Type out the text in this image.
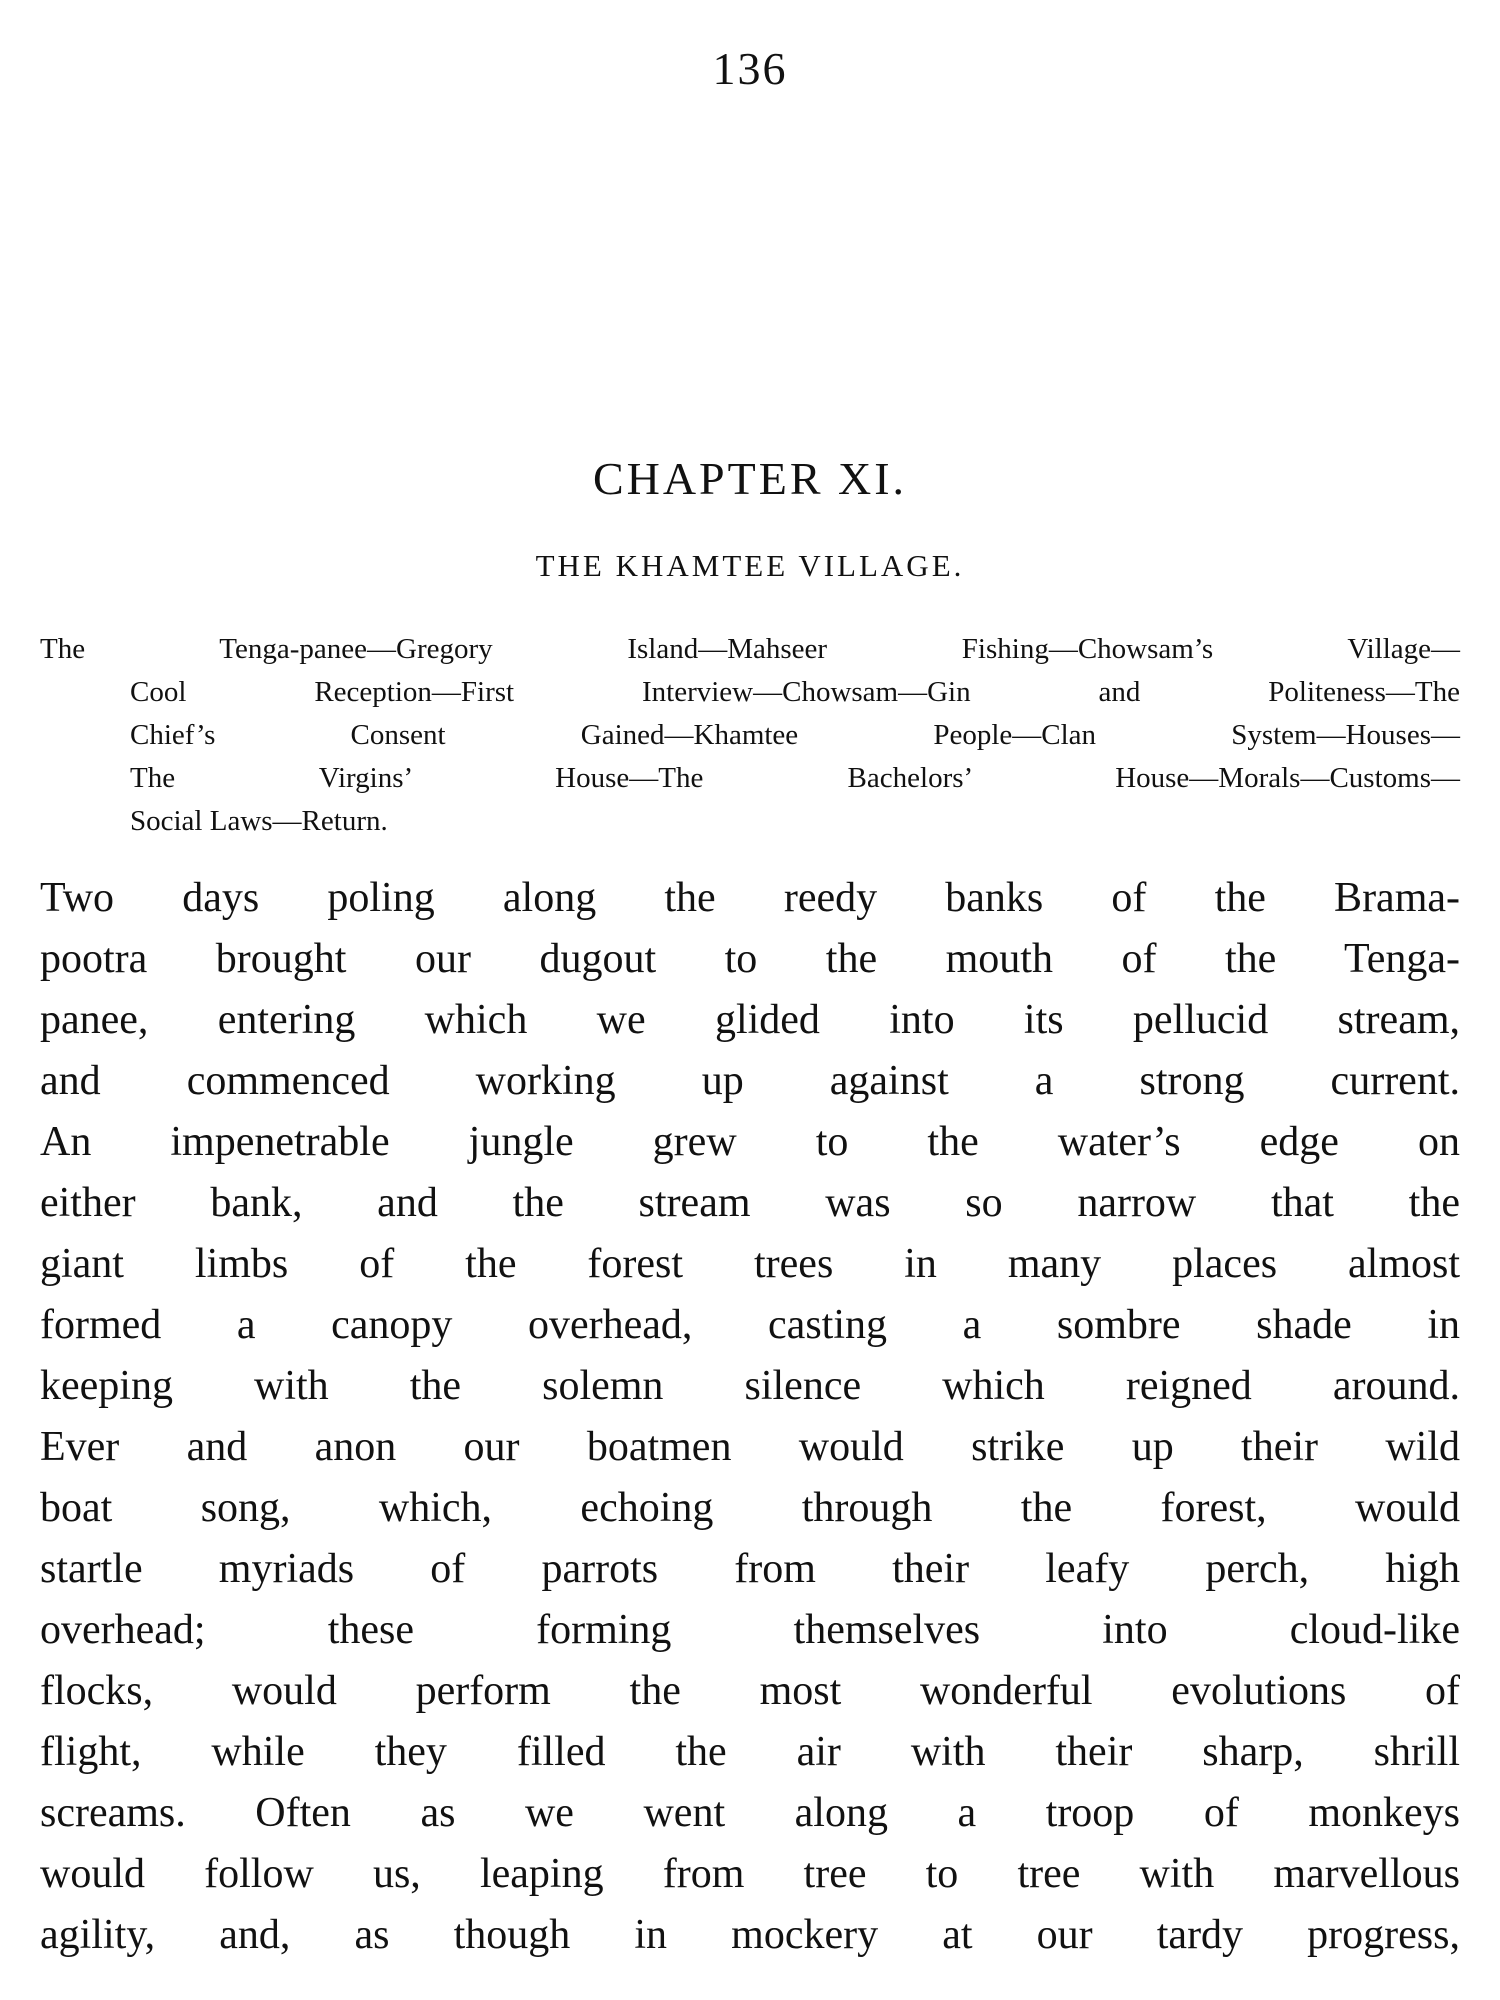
136
CHAPTER XI.
THE KHAMTEE VILLAGE.
The Tenga-panee—Gregory Island—Mahseer Fishing—Chowsam’s Village—
Cool Reception—First Interview—Chowsam—Gin and Politeness—The
Chief’s Consent Gained—Khamtee People—Clan System—Houses—
The Virgins’ House—The Bachelors’ House—Morals—Customs—
Social Laws—Return.
Two days poling along the reedy banks of the Brama-
pootra brought our dugout to the mouth of the Tenga-
panee, entering which we glided into its pellucid stream,
and commenced working up against a strong current.
An impenetrable jungle grew to the water’s edge on
either bank, and the stream was so narrow that the
giant limbs of the forest trees in many places almost
formed a canopy overhead, casting a sombre shade in
keeping with the solemn silence which reigned around.
Ever and anon our boatmen would strike up their wild
boat song, which, echoing through the forest, would
startle myriads of parrots from their leafy perch, high
overhead; these forming themselves into cloud-like
flocks, would perform the most wonderful evolutions of
flight, while they filled the air with their sharp, shrill
screams. Often as we went along a troop of monkeys
would follow us, leaping from tree to tree with marvellous
agility, and, as though in mockery at our tardy progress,
